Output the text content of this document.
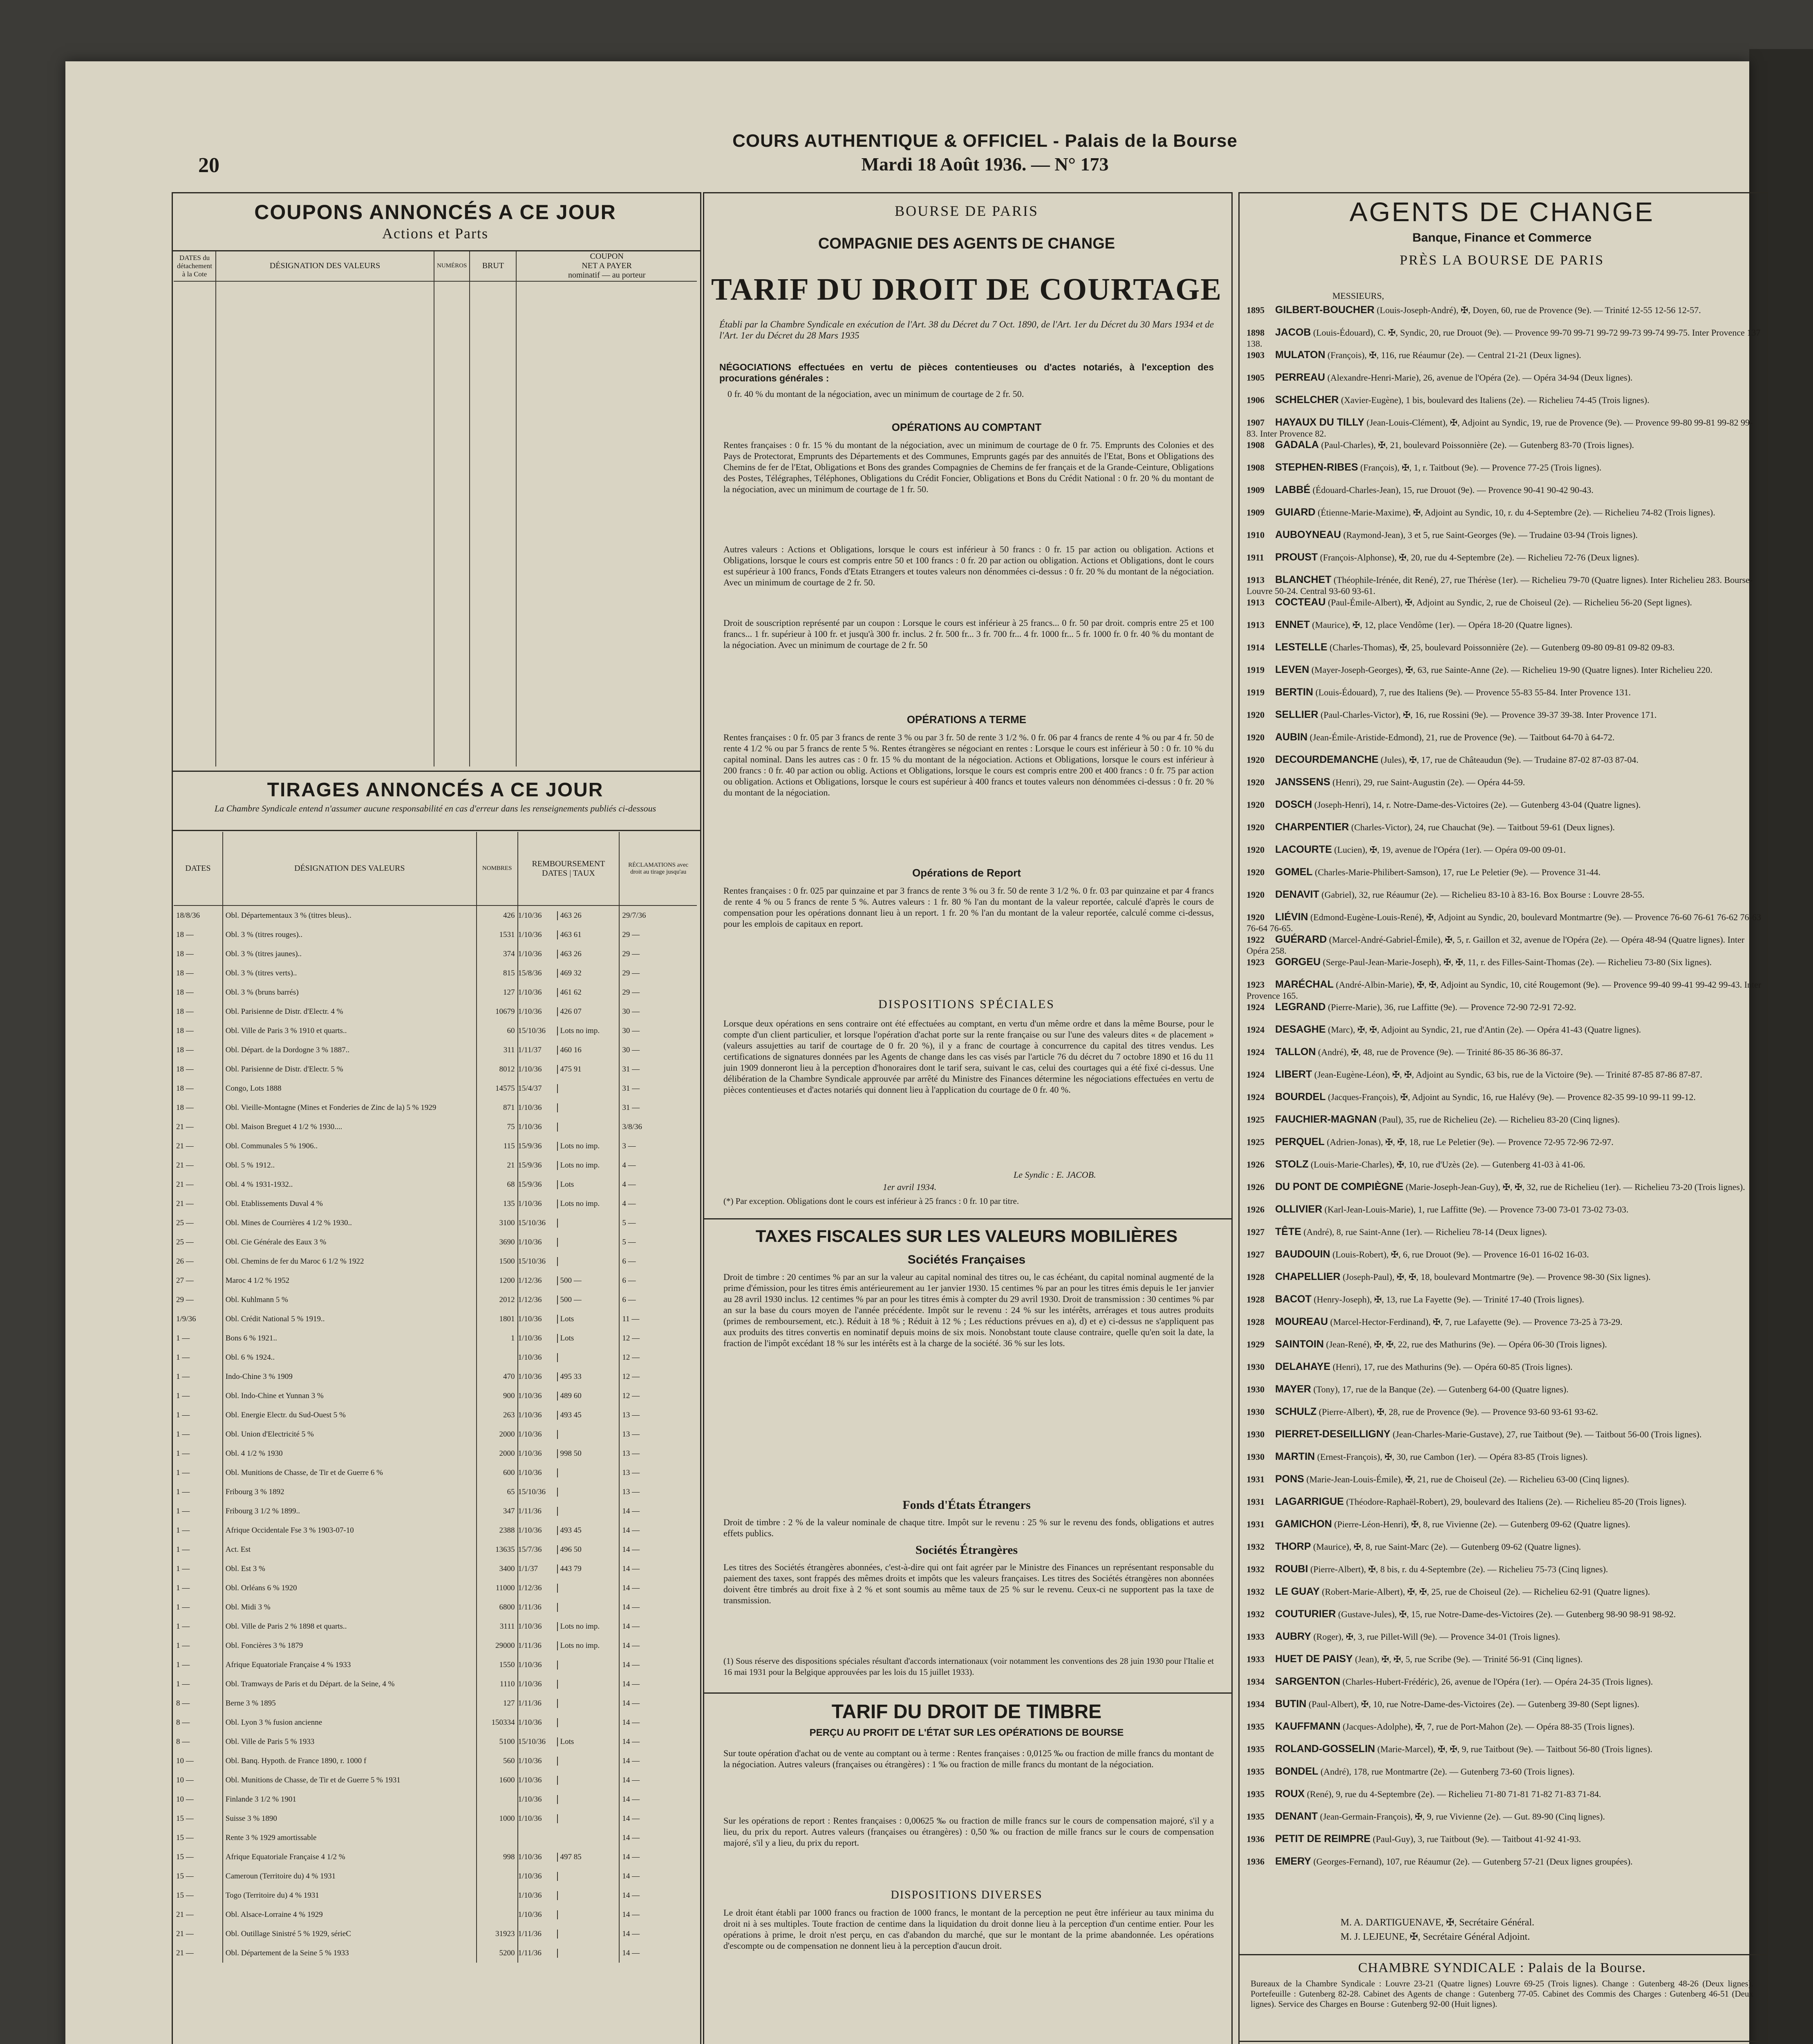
20
COURS AUTHENTIQUE & OFFICIEL - Palais de la Bourse
Mardi 18 Août 1936. — N° 173
COUPONS ANNONCÉS A CE JOUR
Actions et Parts
DATES du détachement à la Cote	DÉSIGNATION DES VALEURS	NUMÉROS	BRUT	COUPON
NET A PAYER
nominatif — au porteur

TIRAGES ANNONCÉS A CE JOUR
La Chambre Syndicale entend n'assumer aucune responsabilité en cas d'erreur dans les renseignements publiés ci-dessous
DATES	DÉSIGNATION DES VALEURS	NOMBRES	REMBOURSEMENT
DATES | TAUX	RÉCLAMATIONS avec droit au tirage jusqu'au
18/8/36	Obl. Départementaux 3 % (titres bleus)..	426	1/10/36 463 26	29/7/36
18 —	Obl. 3 % (titres rouges)..	1531	1/10/36 463 61	29 —
18 —	Obl. 3 % (titres jaunes)..	374	1/10/36 463 26	29 —
18 —	Obl. 3 % (titres verts)..	815	15/8/36 469 32	29 —
18 —	Obl. 3 % (bruns barrés)	127	1/10/36 461 62	29 —
18 —	Obl. Parisienne de Distr. d'Electr. 4 %	10679	1/10/36 426 07	30 —
18 —	Obl. Ville de Paris 3 % 1910 et quarts..	60	15/10/36 Lots no imp.	30 —
18 —	Obl. Départ. de la Dordogne 3 % 1887..	311	1/11/37 460 16	30 —
18 —	Obl. Parisienne de Distr. d'Electr. 5 %	8012	1/10/36 475 91	31 —
18 —	Congo, Lots 1888	14575	15/4/37	31 —
18 —	Obl. Vieille-Montagne (Mines et Fonderies de Zinc de la) 5 % 1929	871	1/10/36	31 —
21 —	Obl. Maison Breguet 4 1/2 % 1930....	75	1/10/36	3/8/36
21 —	Obl. Communales 5 % 1906..	115	15/9/36 Lots no imp.	3 —
21 —	Obl. 5 % 1912..	21	15/9/36 Lots no imp.	4 —
21 —	Obl. 4 % 1931-1932..	68	15/9/36 Lots	4 —
21 —	Obl. Etablissements Duval 4 %	135	1/10/36 Lots no imp.	4 —
25 —	Obl. Mines de Courrières 4 1/2 % 1930..	3100	15/10/36	5 —
25 —	Obl. Cie Générale des Eaux 3 %	3690	1/10/36	5 —
26 —	Obl. Chemins de fer du Maroc 6 1/2 % 1922	1500	15/10/36	6 —
27 —	Maroc 4 1/2 % 1952	1200	1/12/36 500 —	6 —
29 —	Obl. Kuhlmann 5 %	2012	1/12/36 500 —	6 —
1/9/36	Obl. Crédit National 5 % 1919..	1801	1/10/36 Lots	11 —
1 —	Bons 6 % 1921..	1	1/10/36 Lots	12 —
1 —	Obl. 6 % 1924..		1/10/36	12 —
1 —	Indo-Chine 3 % 1909	470	1/10/36 495 33	12 —
1 —	Obl. Indo-Chine et Yunnan 3 %	900	1/10/36 489 60	12 —
1 —	Obl. Energie Electr. du Sud-Ouest 5 %	263	1/10/36 493 45	13 —
1 —	Obl. Union d'Electricité 5 %	2000	1/10/36	13 —
1 —	Obl. 4 1/2 % 1930	2000	1/10/36 998 50	13 —
1 —	Obl. Munitions de Chasse, de Tir et de Guerre 6 %	600	1/10/36	13 —
1 —	Fribourg 3 % 1892	65	15/10/36	13 —
1 —	Fribourg 3 1/2 % 1899..	347	1/11/36	14 —
1 —	Afrique Occidentale Fse 3 % 1903-07-10	2388	1/10/36 493 45	14 —
1 —	Act. Est	13635	15/7/36 496 50	14 —
1 —	Obl. Est 3 %	3400	1/1/37 443 79	14 —
1 —	Obl. Orléans 6 % 1920	11000	1/12/36	14 —
1 —	Obl. Midi 3 %	6800	1/11/36	14 —
1 —	Obl. Ville de Paris 2 % 1898 et quarts..	3111	1/10/36 Lots no imp.	14 —
1 —	Obl. Foncières 3 % 1879	29000	1/11/36 Lots no imp.	14 —
1 —	Afrique Equatoriale Française 4 % 1933	1550	1/10/36	14 —
1 —	Obl. Tramways de Paris et du Départ. de la Seine, 4 %	1110	1/10/36	14 —
8 —	Berne 3 % 1895	127	1/11/36	14 —
8 —	Obl. Lyon 3 % fusion ancienne	150334	1/10/36	14 —
8 —	Obl. Ville de Paris 5 % 1933	5100	15/10/36 Lots	14 —
10 —	Obl. Banq. Hypoth. de France 1890, r. 1000 f	560	1/10/36	14 —
10 —	Obl. Munitions de Chasse, de Tir et de Guerre 5 % 1931	1600	1/10/36	14 —
10 —	Finlande 3 1/2 % 1901		1/10/36	14 —
15 —	Suisse 3 % 1890	1000	1/10/36	14 —
15 —	Rente 3 % 1929 amortissable			14 —
15 —	Afrique Equatoriale Française 4 1/2 %	998	1/10/36 497 85	14 —
15 —	Cameroun (Territoire du) 4 % 1931		1/10/36	14 —
15 —	Togo (Territoire du) 4 % 1931		1/10/36	14 —
21 —	Obl. Alsace-Lorraine 4 % 1929		1/10/36	14 —
21 —	Obl. Outillage Sinistré 5 % 1929, sérieC	31923	1/11/36	14 —
21 —	Obl. Département de la Seine 5 % 1933	5200	1/11/36	14 —
BOURSE DE PARIS
COMPAGNIE DES AGENTS DE CHANGE
TARIF DU DROIT DE COURTAGE
Établi par la Chambre Syndicale en exécution de l'Art. 38 du Décret du 7 Oct. 1890, de l'Art. 1er du Décret du 30 Mars 1934 et de l'Art. 1er du Décret du 28 Mars 1935
NÉGOCIATIONS effectuées en vertu de pièces contentieuses ou d'actes notariés, à l'exception des procurations générales :
0 fr. 40 % du montant de la négociation, avec un minimum de courtage de 2 fr. 50.
OPÉRATIONS AU COMPTANT
Rentes françaises : 0 fr. 15 % du montant de la négociation, avec un minimum de courtage de 0 fr. 75. Emprunts des Colonies et des Pays de Protectorat, Emprunts des Départements et des Communes, Emprunts gagés par des annuités de l'Etat, Bons et Obligations des Chemins de fer de l'Etat, Obligations et Bons des grandes Compagnies de Chemins de fer français et de la Grande-Ceinture, Obligations des Postes, Télégraphes, Téléphones, Obligations du Crédit Foncier, Obligations et Bons du Crédit National : 0 fr. 20 % du montant de la négociation, avec un minimum de courtage de 1 fr. 50.
Autres valeurs : Actions et Obligations, lorsque le cours est inférieur à 50 francs : 0 fr. 15 par action ou obligation. Actions et Obligations, lorsque le cours est compris entre 50 et 100 francs : 0 fr. 20 par action ou obligation. Actions et Obligations, dont le cours est supérieur à 100 francs, Fonds d'Etats Etrangers et toutes valeurs non dénommées ci-dessus : 0 fr. 20 % du montant de la négociation. Avec un minimum de courtage de 2 fr. 50.
Droit de souscription représenté par un coupon : Lorsque le cours est inférieur à 25 francs... 0 fr. 50 par droit. compris entre 25 et 100 francs... 1 fr. supérieur à 100 fr. et jusqu'à 300 fr. inclus. 2 fr. 500 fr... 3 fr. 700 fr... 4 fr. 1000 fr... 5 fr. 1000 fr. 0 fr. 40 % du montant de la négociation. Avec un minimum de courtage de 2 fr. 50
OPÉRATIONS A TERME
Rentes françaises : 0 fr. 05 par 3 francs de rente 3 % ou par 3 fr. 50 de rente 3 1/2 %. 0 fr. 06 par 4 francs de rente 4 % ou par 4 fr. 50 de rente 4 1/2 % ou par 5 francs de rente 5 %. Rentes étrangères se négociant en rentes : Lorsque le cours est inférieur à 50 : 0 fr. 10 % du capital nominal. Dans les autres cas : 0 fr. 15 % du montant de la négociation. Actions et Obligations, lorsque le cours est inférieur à 200 francs : 0 fr. 40 par action ou oblig. Actions et Obligations, lorsque le cours est compris entre 200 et 400 francs : 0 fr. 75 par action ou obligation. Actions et Obligations, lorsque le cours est supérieur à 400 francs et toutes valeurs non dénommées ci-dessus : 0 fr. 20 % du montant de la négociation.
Opérations de Report
Rentes françaises : 0 fr. 025 par quinzaine et par 3 francs de rente 3 % ou 3 fr. 50 de rente 3 1/2 %. 0 fr. 03 par quinzaine et par 4 francs de rente 4 % ou 5 francs de rente 5 %. Autres valeurs : 1 fr. 80 % l'an du montant de la valeur reportée, calculé d'après le cours de compensation pour les opérations donnant lieu à un report. 1 fr. 20 % l'an du montant de la valeur reportée, calculé comme ci-dessus, pour les emplois de capitaux en report.
DISPOSITIONS SPÉCIALES
Lorsque deux opérations en sens contraire ont été effectuées au comptant, en vertu d'un même ordre et dans la même Bourse, pour le compte d'un client particulier, et lorsque l'opération d'achat porte sur la rente française ou sur l'une des valeurs dites « de placement » (valeurs assujetties au tarif de courtage de 0 fr. 20 %), il y a franc de courtage à concurrence du capital des titres vendus. Les certifications de signatures données par les Agents de change dans les cas visés par l'article 76 du décret du 7 octobre 1890 et 16 du 11 juin 1909 donneront lieu à la perception d'honoraires dont le tarif sera, suivant le cas, celui des courtages qui a été fixé ci-dessus. Une délibération de la Chambre Syndicale approuvée par arrêté du Ministre des Finances détermine les négociations effectuées en vertu de pièces contentieuses et d'actes notariés qui donnent lieu à l'application du courtage de 0 fr. 40 %.
Le Syndic : E. JACOB.
1er avril 1934.
(*) Par exception. Obligations dont le cours est inférieur à 25 francs : 0 fr. 10 par titre.
TAXES FISCALES SUR LES VALEURS MOBILIÈRES
Sociétés Françaises
Droit de timbre : 20 centimes % par an sur la valeur au capital nominal des titres ou, le cas échéant, du capital nominal augmenté de la prime d'émission, pour les titres émis antérieurement au 1er janvier 1930. 15 centimes % par an pour les titres émis depuis le 1er janvier au 28 avril 1930 inclus. 12 centimes % par an pour les titres émis à compter du 29 avril 1930. Droit de transmission : 30 centimes % par an sur la base du cours moyen de l'année précédente. Impôt sur le revenu : 24 % sur les intérêts, arrérages et tous autres produits (primes de remboursement, etc.). Réduit à 18 % ; Réduit à 12 % ; Les réductions prévues en a), d) et e) ci-dessus ne s'appliquent pas aux produits des titres convertis en nominatif depuis moins de six mois. Nonobstant toute clause contraire, quelle qu'en soit la date, la fraction de l'impôt excédant 18 % sur les intérêts est à la charge de la société. 36 % sur les lots.
Fonds d'États Étrangers
Droit de timbre : 2 % de la valeur nominale de chaque titre. Impôt sur le revenu : 25 % sur le revenu des fonds, obligations et autres effets publics.
Sociétés Étrangères
Les titres des Sociétés étrangères abonnées, c'est-à-dire qui ont fait agréer par le Ministre des Finances un représentant responsable du paiement des taxes, sont frappés des mêmes droits et impôts que les valeurs françaises. Les titres des Sociétés étrangères non abonnées doivent être timbrés au droit fixe à 2 % et sont soumis au même taux de 25 % sur le revenu. Ceux-ci ne supportent pas la taxe de transmission.
(1) Sous réserve des dispositions spéciales résultant d'accords internationaux (voir notamment les conventions des 28 juin 1930 pour l'Italie et 16 mai 1931 pour la Belgique approuvées par les lois du 15 juillet 1933).
TARIF DU DROIT DE TIMBRE
PERÇU AU PROFIT DE L'ÉTAT SUR LES OPÉRATIONS DE BOURSE
Sur toute opération d'achat ou de vente au comptant ou à terme : Rentes françaises : 0,0125 ‰ ou fraction de mille francs du montant de la négociation. Autres valeurs (françaises ou étrangères) : 1 ‰ ou fraction de mille francs du montant de la négociation.
Sur les opérations de report : Rentes françaises : 0,00625 ‰ ou fraction de mille francs sur le cours de compensation majoré, s'il y a lieu, du prix du report. Autres valeurs (françaises ou étrangères) : 0,50 ‰ ou fraction de mille francs sur le cours de compensation majoré, s'il y a lieu, du prix du report.
DISPOSITIONS DIVERSES
Le droit étant établi par 1000 francs ou fraction de 1000 francs, le montant de la perception ne peut être inférieur au taux minima du droit ni à ses multiples. Toute fraction de centime dans la liquidation du droit donne lieu à la perception d'un centime entier. Pour les opérations à prime, le droit n'est perçu, en cas d'abandon du marché, que sur le montant de la prime abandonnée. Les opérations d'escompte ou de compensation ne donnent lieu à la perception d'aucun droit.
AGENTS DE CHANGE
Banque, Finance et Commerce
PRÈS LA BOURSE DE PARIS
MESSIEURS,
1895 GILBERT-BOUCHER (Louis-Joseph-André), ✠, Doyen, 60, rue de Provence (9e). — Trinité 12-55 12-56 12-57.
1898 JACOB (Louis-Édouard), C. ✠, Syndic, 20, rue Drouot (9e). — Provence 99-70 99-71 99-72 99-73 99-74 99-75. Inter Provence 137 138.
1903 MULATON (François), ✠, 116, rue Réaumur (2e). — Central 21-21 (Deux lignes).
1905 PERREAU (Alexandre-Henri-Marie), 26, avenue de l'Opéra (2e). — Opéra 34-94 (Deux lignes).
1906 SCHELCHER (Xavier-Eugène), 1 bis, boulevard des Italiens (2e). — Richelieu 74-45 (Trois lignes).
1907 HAYAUX DU TILLY (Jean-Louis-Clément), ✠, Adjoint au Syndic, 19, rue de Provence (9e). — Provence 99-80 99-81 99-82 99-83. Inter Provence 82.
1908 GADALA (Paul-Charles), ✠, 21, boulevard Poissonnière (2e). — Gutenberg 83-70 (Trois lignes).
1908 STEPHEN-RIBES (François), ✠, 1, r. Taitbout (9e). — Provence 77-25 (Trois lignes).
1909 LABBÉ (Édouard-Charles-Jean), 15, rue Drouot (9e). — Provence 90-41 90-42 90-43.
1909 GUIARD (Étienne-Marie-Maxime), ✠, Adjoint au Syndic, 10, r. du 4-Septembre (2e). — Richelieu 74-82 (Trois lignes).
1910 AUBOYNEAU (Raymond-Jean), 3 et 5, rue Saint-Georges (9e). — Trudaine 03-94 (Trois lignes).
1911 PROUST (François-Alphonse), ✠, 20, rue du 4-Septembre (2e). — Richelieu 72-76 (Deux lignes).
1913 BLANCHET (Théophile-Irénée, dit René), 27, rue Thérèse (1er). — Richelieu 79-70 (Quatre lignes). Inter Richelieu 283. Bourse-Louvre 50-24. Central 93-60 93-61.
1913 COCTEAU (Paul-Émile-Albert), ✠, Adjoint au Syndic, 2, rue de Choiseul (2e). — Richelieu 56-20 (Sept lignes).
1913 ENNET (Maurice), ✠, 12, place Vendôme (1er). — Opéra 18-20 (Quatre lignes).
1914 LESTELLE (Charles-Thomas), ✠, 25, boulevard Poissonnière (2e). — Gutenberg 09-80 09-81 09-82 09-83.
1919 LEVEN (Mayer-Joseph-Georges), ✠, 63, rue Sainte-Anne (2e). — Richelieu 19-90 (Quatre lignes). Inter Richelieu 220.
1919 BERTIN (Louis-Édouard), 7, rue des Italiens (9e). — Provence 55-83 55-84. Inter Provence 131.
1920 SELLIER (Paul-Charles-Victor), ✠, 16, rue Rossini (9e). — Provence 39-37 39-38. Inter Provence 171.
1920 AUBIN (Jean-Émile-Aristide-Edmond), 21, rue de Provence (9e). — Taitbout 64-70 à 64-72.
1920 DECOURDEMANCHE (Jules), ✠, 17, rue de Châteaudun (9e). — Trudaine 87-02 87-03 87-04.
1920 JANSSENS (Henri), 29, rue Saint-Augustin (2e). — Opéra 44-59.
1920 DOSCH (Joseph-Henri), 14, r. Notre-Dame-des-Victoires (2e). — Gutenberg 43-04 (Quatre lignes).
1920 CHARPENTIER (Charles-Victor), 24, rue Chauchat (9e). — Taitbout 59-61 (Deux lignes).
1920 LACOURTE (Lucien), ✠, 19, avenue de l'Opéra (1er). — Opéra 09-00 09-01.
1920 GOMEL (Charles-Marie-Philibert-Samson), 17, rue Le Peletier (9e). — Provence 31-44.
1920 DENAVIT (Gabriel), 32, rue Réaumur (2e). — Richelieu 83-10 à 83-16. Box Bourse : Louvre 28-55.
1920 LIÉVIN (Edmond-Eugène-Louis-René), ✠, Adjoint au Syndic, 20, boulevard Montmartre (9e). — Provence 76-60 76-61 76-62 76-63 76-64 76-65.
1922 GUÉRARD (Marcel-André-Gabriel-Émile), ✠, 5, r. Gaillon et 32, avenue de l'Opéra (2e). — Opéra 48-94 (Quatre lignes). Inter Opéra 258.
1923 GORGEU (Serge-Paul-Jean-Marie-Joseph), ✠, ✠, 11, r. des Filles-Saint-Thomas (2e). — Richelieu 73-80 (Six lignes).
1923 MARÉCHAL (André-Albin-Marie), ✠, ✠, Adjoint au Syndic, 10, cité Rougemont (9e). — Provence 99-40 99-41 99-42 99-43. Inter Provence 165.
1924 LEGRAND (Pierre-Marie), 36, rue Laffitte (9e). — Provence 72-90 72-91 72-92.
1924 DESAGHE (Marc), ✠, ✠, Adjoint au Syndic, 21, rue d'Antin (2e). — Opéra 41-43 (Quatre lignes).
1924 TALLON (André), ✠, 48, rue de Provence (9e). — Trinité 86-35 86-36 86-37.
1924 LIBERT (Jean-Eugène-Léon), ✠, ✠, Adjoint au Syndic, 63 bis, rue de la Victoire (9e). — Trinité 87-85 87-86 87-87.
1924 BOURDEL (Jacques-François), ✠, Adjoint au Syndic, 16, rue Halévy (9e). — Provence 82-35 99-10 99-11 99-12.
1925 FAUCHIER-MAGNAN (Paul), 35, rue de Richelieu (2e). — Richelieu 83-20 (Cinq lignes).
1925 PERQUEL (Adrien-Jonas), ✠, ✠, 18, rue Le Peletier (9e). — Provence 72-95 72-96 72-97.
1926 STOLZ (Louis-Marie-Charles), ✠, 10, rue d'Uzès (2e). — Gutenberg 41-03 à 41-06.
1926 DU PONT DE COMPIÈGNE (Marie-Joseph-Jean-Guy), ✠, ✠, 32, rue de Richelieu (1er). — Richelieu 73-20 (Trois lignes).
1926 OLLIVIER (Karl-Jean-Louis-Marie), 1, rue Laffitte (9e). — Provence 73-00 73-01 73-02 73-03.
1927 TÊTE (André), 8, rue Saint-Anne (1er). — Richelieu 78-14 (Deux lignes).
1927 BAUDOUIN (Louis-Robert), ✠, 6, rue Drouot (9e). — Provence 16-01 16-02 16-03.
1928 CHAPELLIER (Joseph-Paul), ✠, ✠, 18, boulevard Montmartre (9e). — Provence 98-30 (Six lignes).
1928 BACOT (Henry-Joseph), ✠, 13, rue La Fayette (9e). — Trinité 17-40 (Trois lignes).
1928 MOUREAU (Marcel-Hector-Ferdinand), ✠, 7, rue Lafayette (9e). — Provence 73-25 à 73-29.
1929 SAINTOIN (Jean-René), ✠, ✠, 22, rue des Mathurins (9e). — Opéra 06-30 (Trois lignes).
1930 DELAHAYE (Henri), 17, rue des Mathurins (9e). — Opéra 60-85 (Trois lignes).
1930 MAYER (Tony), 17, rue de la Banque (2e). — Gutenberg 64-00 (Quatre lignes).
1930 SCHULZ (Pierre-Albert), ✠, 28, rue de Provence (9e). — Provence 93-60 93-61 93-62.
1930 PIERRET-DESEILLIGNY (Jean-Charles-Marie-Gustave), 27, rue Taitbout (9e). — Taitbout 56-00 (Trois lignes).
1930 MARTIN (Ernest-François), ✠, 30, rue Cambon (1er). — Opéra 83-85 (Trois lignes).
1931 PONS (Marie-Jean-Louis-Émile), ✠, 21, rue de Choiseul (2e). — Richelieu 63-00 (Cinq lignes).
1931 LAGARRIGUE (Théodore-Raphaël-Robert), 29, boulevard des Italiens (2e). — Richelieu 85-20 (Trois lignes).
1931 GAMICHON (Pierre-Léon-Henri), ✠, 8, rue Vivienne (2e). — Gutenberg 09-62 (Quatre lignes).
1932 THORP (Maurice), ✠, 8, rue Saint-Marc (2e). — Gutenberg 09-62 (Quatre lignes).
1932 ROUBI (Pierre-Albert), ✠, 8 bis, r. du 4-Septembre (2e). — Richelieu 75-73 (Cinq lignes).
1932 LE GUAY (Robert-Marie-Albert), ✠, ✠, 25, rue de Choiseul (2e). — Richelieu 62-91 (Quatre lignes).
1932 COUTURIER (Gustave-Jules), ✠, 15, rue Notre-Dame-des-Victoires (2e). — Gutenberg 98-90 98-91 98-92.
1933 AUBRY (Roger), ✠, 3, rue Pillet-Will (9e). — Provence 34-01 (Trois lignes).
1933 HUET DE PAISY (Jean), ✠, ✠, 5, rue Scribe (9e). — Trinité 56-91 (Cinq lignes).
1934 SARGENTON (Charles-Hubert-Frédéric), 26, avenue de l'Opéra (1er). — Opéra 24-35 (Trois lignes).
1934 BUTIN (Paul-Albert), ✠, 10, rue Notre-Dame-des-Victoires (2e). — Gutenberg 39-80 (Sept lignes).
1935 KAUFFMANN (Jacques-Adolphe), ✠, 7, rue de Port-Mahon (2e). — Opéra 88-35 (Trois lignes).
1935 ROLAND-GOSSELIN (Marie-Marcel), ✠, ✠, 9, rue Taitbout (9e). — Taitbout 56-80 (Trois lignes).
1935 BONDEL (André), 178, rue Montmartre (2e). — Gutenberg 73-60 (Trois lignes).
1935 ROUX (René), 9, rue du 4-Septembre (2e). — Richelieu 71-80 71-81 71-82 71-83 71-84.
1935 DENANT (Jean-Germain-François), ✠, 9, rue Vivienne (2e). — Gut. 89-90 (Cinq lignes).
1936 PETIT DE REIMPRE (Paul-Guy), 3, rue Taitbout (9e). — Taitbout 41-92 41-93.
1936 EMERY (Georges-Fernand), 107, rue Réaumur (2e). — Gutenberg 57-21 (Deux lignes groupées).
M. A. DARTIGUENAVE, ✠, Secrétaire Général.
M. J. LEJEUNE, ✠, Secrétaire Général Adjoint.
CHAMBRE SYNDICALE : Palais de la Bourse.
Bureaux de la Chambre Syndicale : Louvre 23-21 (Quatre lignes) Louvre 69-25 (Trois lignes). Change : Gutenberg 48-26 (Deux lignes). Portefeuille : Gutenberg 82-28. Cabinet des Agents de change : Gutenberg 77-05. Cabinet des Commis des Charges : Gutenberg 46-51 (Deux lignes). Service des Charges en Bourse : Gutenberg 92-00 (Huit lignes).
